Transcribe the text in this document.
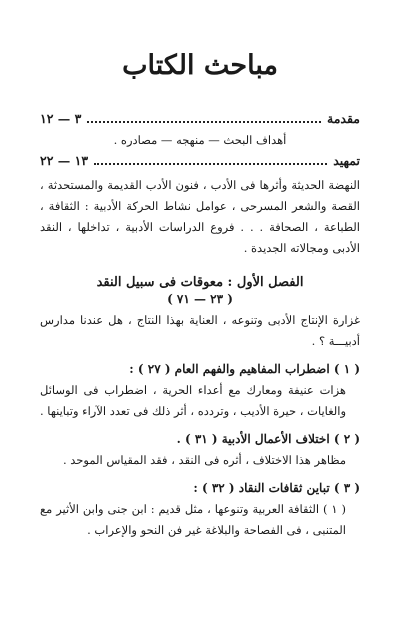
مباحث الكتاب
مقدمة
٣ — ١٢
أهداف البحث — منهجه — مصادره .
تمهيد
١٣ — ٢٢
النهضة الحديثة وأثرها فى الأدب ، فنون الأدب القديمة والمستحدثة ، القصة والشعر المسرحى ، عوامل نشاط الحركة الأدبية : الثقافة ، الطباعة ، الصحافة . . . فروع الدراسات الأدبية ، تداخلها ، النقد الأدبى ومجالاته الجديدة .
الفصل الأول : معوقات فى سبيل النقد
( ٢٣ — ٧١ )
غزارة الإنتاج الأدبى وتنوعه ، العناية بهذا النتاج ، هل عندنا مدارس أدبيـــة ؟ .
( ١ ) اضطراب المفاهيم والفهم العام ( ٢٧ ) :
هزات عنيفة ومعارك مع أعداء الحرية ، اضطراب فى الوسائل والغايات ، حيرة الأديب ، وتردده ، أثر ذلك فى تعدد الآراء وتباينها .
( ٢ ) اختلاف الأعمال الأدبية ( ٣١ ) .
مظاهر هذا الاختلاف ، أثره فى النقد ، فقد المقياس الموحد .
( ٣ ) تباين ثقافات النقاد ( ٣٢ ) :
( ١ ) الثقافة العربية وتنوعها ، مثل قديم : ابن جنى وابن الأثير مع المتنبى ، فى الفصاحة والبلاغة غير فن النحو والإعراب .
